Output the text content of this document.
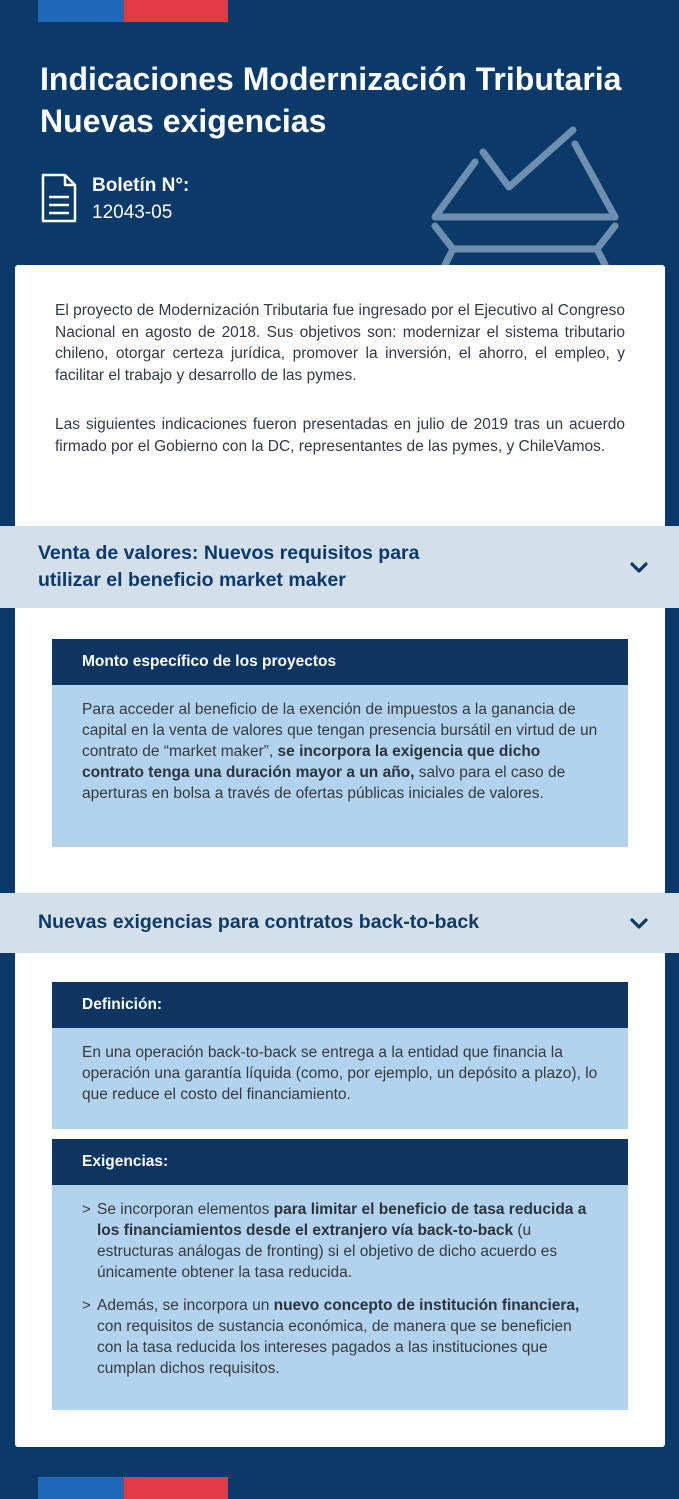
Indicaciones Modernización Tributaria
Nuevas exigencias
Boletín N°:
12043-05

El proyecto de Modernización Tributaria fue ingresado por el Ejecutivo al Congreso Nacional en agosto de 2018. Sus objetivos son: modernizar el sistema tributario chileno, otorgar certeza jurídica, promover la inversión, el ahorro, el empleo, y facilitar el trabajo y desarrollo de las pymes.

Las siguientes indicaciones fueron presentadas en julio de 2019 tras un acuerdo firmado por el Gobierno con la DC, representantes de las pymes, y ChileVamos.

Venta de valores: Nuevos requisitos para
utilizar el beneficio market maker
Monto específico de los proyectos
Para acceder al beneficio de la exención de impuestos a la ganancia de capital en la venta de valores que tengan presencia bursátil en virtud de un contrato de “market maker”, se incorpora la exigencia que dicho contrato tenga una duración mayor a un año, salvo para el caso de aperturas en bolsa a través de ofertas públicas iniciales de valores.
Nuevas exigencias para contratos back-to-back
Definición:
En una operación back-to-back se entrega a la entidad que financia la operación una garantía líquida (como, por ejemplo, un depósito a plazo), lo que reduce el costo del financiamiento.
Exigencias:
> Se incorporan elementos para limitar el beneficio de tasa reducida a los financiamientos desde el extranjero vía back-to-back (u estructuras análogas de fronting) si el objetivo de dicho acuerdo es únicamente obtener la tasa reducida.
> Además, se incorpora un nuevo concepto de institución financiera, con requisitos de sustancia económica, de manera que se beneficien con la tasa reducida los intereses pagados a las instituciones que cumplan dichos requisitos.
